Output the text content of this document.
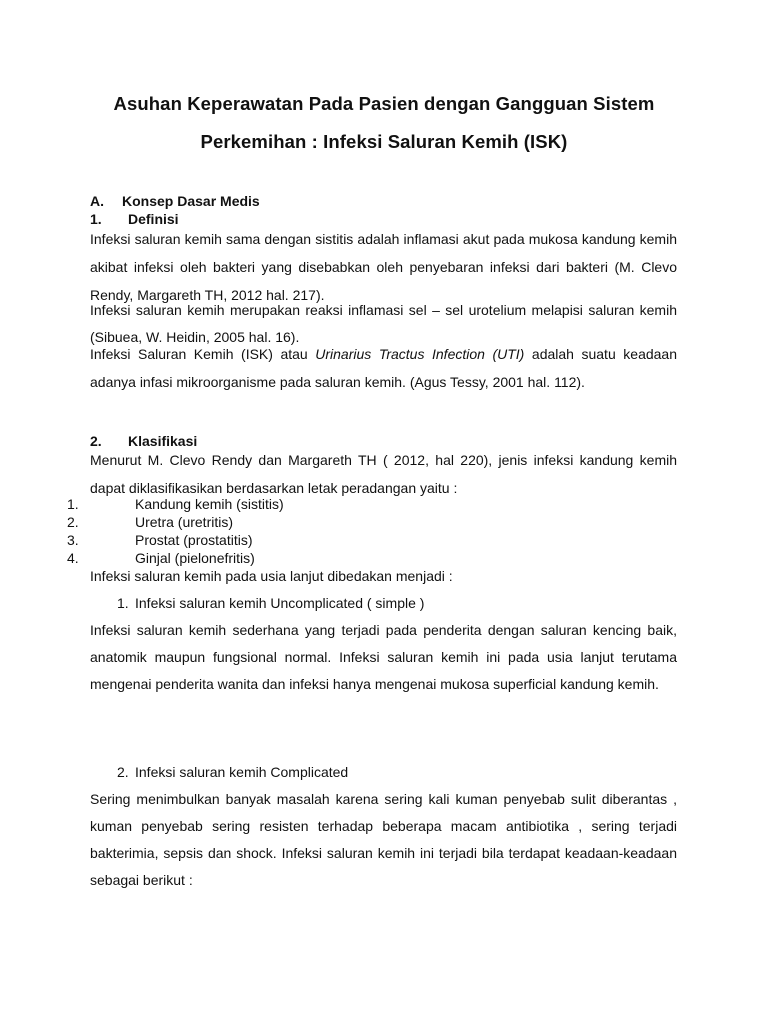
Asuhan Keperawatan Pada Pasien dengan Gangguan Sistem
Perkemihan : Infeksi Saluran Kemih (ISK)
A. Konsep Dasar Medis
1. Definisi
Infeksi saluran kemih sama dengan sistitis adalah inflamasi akut pada mukosa kandung kemih akibat infeksi oleh bakteri yang disebabkan oleh penyebaran infeksi dari bakteri (M. Clevo Rendy, Margareth TH, 2012 hal. 217).
Infeksi saluran kemih merupakan reaksi inflamasi sel – sel urotelium melapisi saluran kemih (Sibuea, W. Heidin, 2005 hal. 16).
Infeksi Saluran Kemih (ISK) atau Urinarius Tractus Infection (UTI) adalah suatu keadaan adanya infasi mikroorganisme pada saluran kemih. (Agus Tessy, 2001 hal. 112).
2. Klasifikasi
Menurut M. Clevo Rendy dan Margareth TH ( 2012, hal 220), jenis infeksi kandung kemih dapat diklasifikasikan berdasarkan letak peradangan yaitu :
1.	Kandung kemih (sistitis)
2.	Uretra (uretritis)
3.	Prostat (prostatitis)
4.	Ginjal (pielonefritis)
Infeksi saluran kemih pada usia lanjut dibedakan menjadi :
1. Infeksi saluran kemih Uncomplicated ( simple )
Infeksi saluran kemih sederhana yang terjadi pada penderita dengan saluran kencing baik, anatomik maupun fungsional normal. Infeksi saluran kemih ini pada usia lanjut terutama mengenai penderita wanita dan infeksi hanya mengenai mukosa superficial kandung kemih.
2. Infeksi saluran kemih Complicated
Sering menimbulkan banyak masalah karena sering kali kuman penyebab sulit diberantas , kuman penyebab sering resisten terhadap beberapa macam antibiotika , sering terjadi bakterimia, sepsis dan shock. Infeksi saluran kemih ini terjadi bila terdapat keadaan-keadaan sebagai berikut :
